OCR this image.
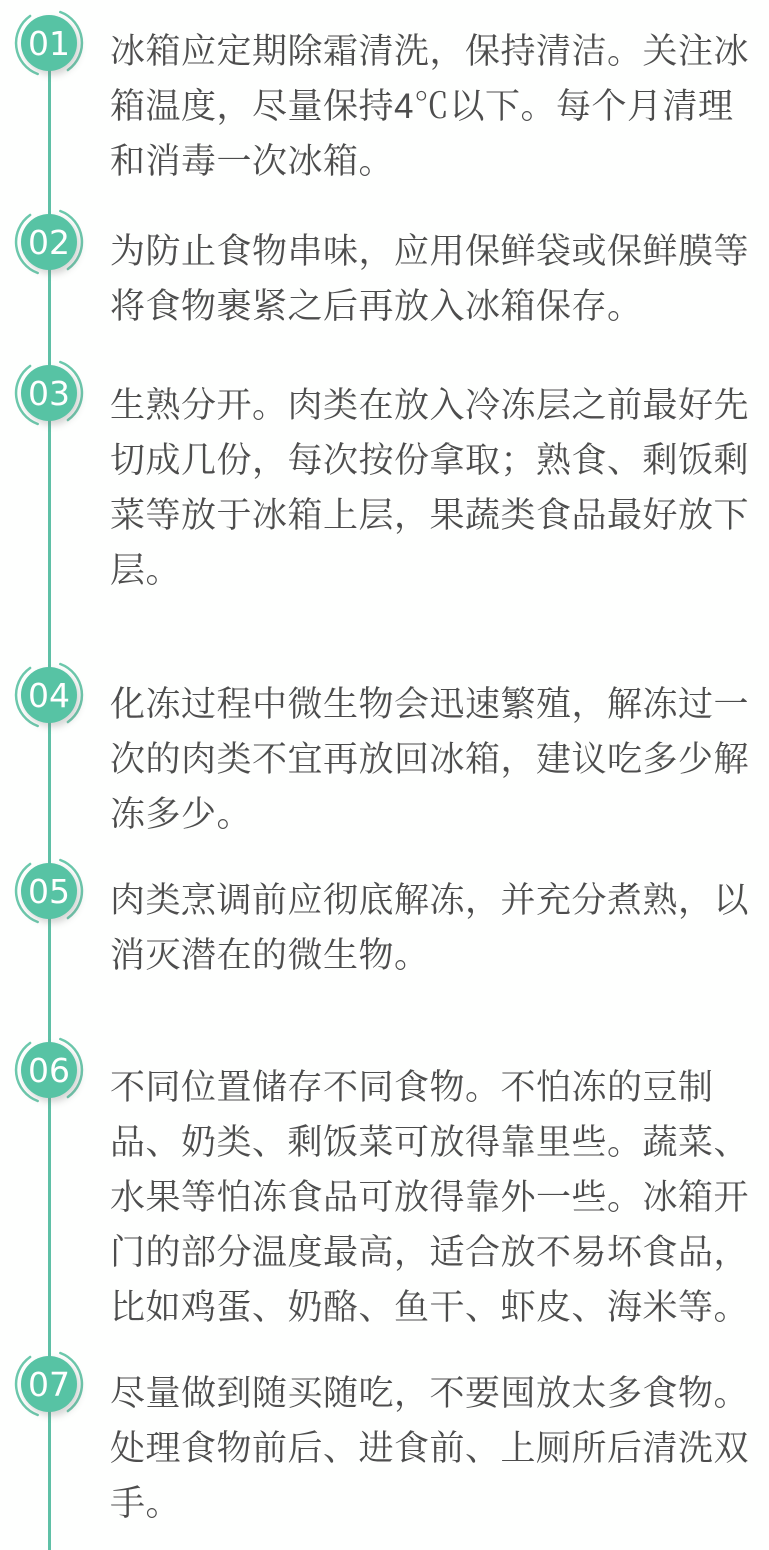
01 冰箱应定期除霜清洗，保持清洁。关注冰箱温度，尽量保持4℃以下。每个月清理和消毒一次冰箱。
02 为防止食物串味，应用保鲜袋或保鲜膜等将食物裹紧之后再放入冰箱保存。
03 生熟分开。肉类在放入冷冻层之前最好先切成几份，每次按份拿取；熟食、剩饭剩菜等放于冰箱上层，果蔬类食品最好放下层。
04 化冻过程中微生物会迅速繁殖，解冻过一次的肉类不宜再放回冰箱，建议吃多少解冻多少。
05 肉类烹调前应彻底解冻，并充分煮熟，以消灭潜在的微生物。
06 不同位置储存不同食物。不怕冻的豆制品、奶类、剩饭菜可放得靠里些。蔬菜、水果等怕冻食品可放得靠外一些。冰箱开门的部分温度最高，适合放不易坏食品，比如鸡蛋、奶酪、鱼干、虾皮、海米等。
07 尽量做到随买随吃，不要囤放太多食物。处理食物前后、进食前、上厕所后清洗双手。
